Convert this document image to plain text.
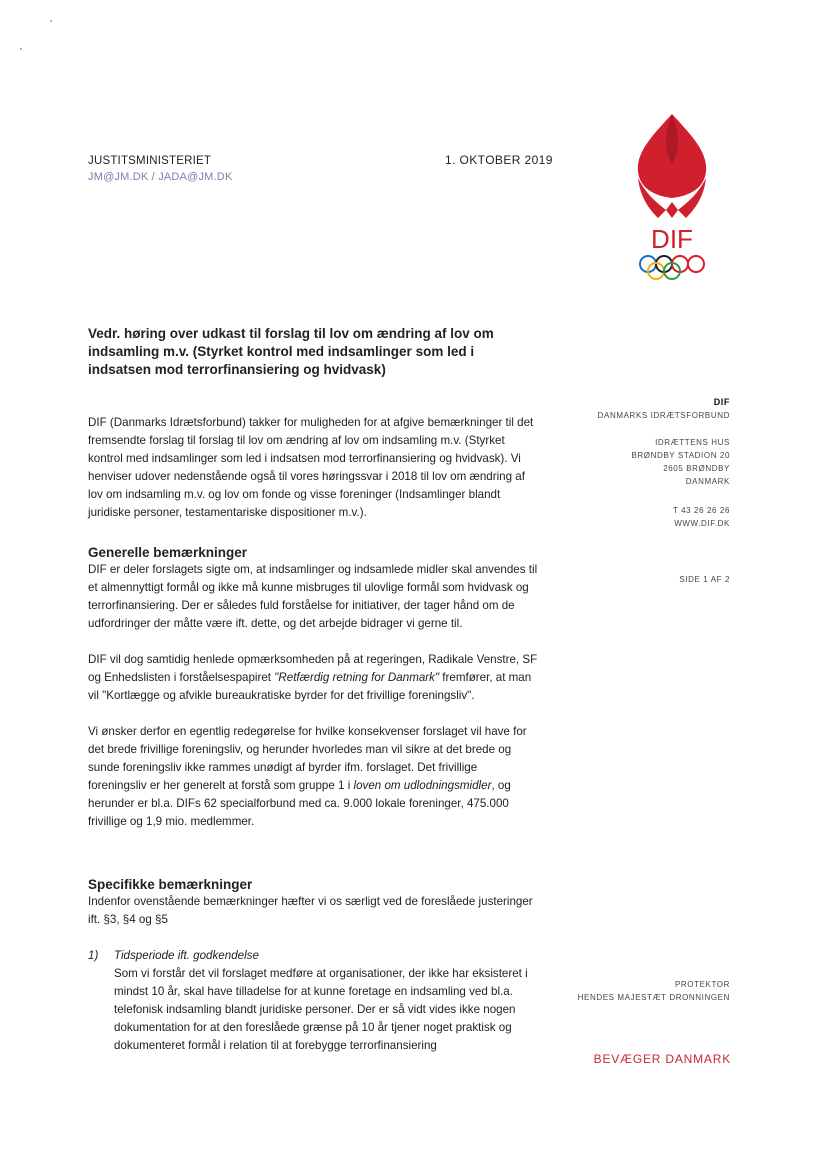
JUSTITSMINISTERIET
JM@JM.DK / JADA@JM.DK
1. OKTOBER 2019
DIF
Vedr. høring over udkast til forslag til lov om ændring af lov om indsamling m.v. (Styrket kontrol med indsamlinger som led i indsatsen mod terrorfinansiering og hvidvask)

DIF (Danmarks Idrætsforbund) takker for muligheden for at afgive bemærkninger til det fremsendte forslag til forslag til lov om ændring af lov om indsamling m.v. (Styrket kontrol med indsamlinger som led i indsatsen mod terrorfinansiering og hvidvask). Vi henviser udover nedenstående også til vores høringssvar i 2018 til lov om ændring af lov om indsamling m.v. og lov om fonde og visse foreninger (Indsamlinger blandt juridiske personer, testamentariske dispositioner m.v.).

Generelle bemærkninger

DIF er deler forslagets sigte om, at indsamlinger og indsamlede midler skal anvendes til et almennyttigt formål og ikke må kunne misbruges til ulovlige formål som hvidvask og terrorfinansiering. Der er således fuld forståelse for initiativer, der tager hånd om de udfordringer der måtte være ift. dette, og det arbejde bidrager vi gerne til.

DIF vil dog samtidig henlede opmærksomheden på at regeringen, Radikale Venstre, SF og Enhedslisten i forståelsespapiret "Retfærdig retning for Danmark" fremfører, at man vil "Kortlægge og afvikle bureaukratiske byrder for det frivillige foreningsliv".

Vi ønsker derfor en egentlig redegørelse for hvilke konsekvenser forslaget vil have for det brede frivillige foreningsliv, og herunder hvorledes man vil sikre at det brede og sunde foreningsliv ikke rammes unødigt af byrder ifm. forslaget. Det frivillige foreningsliv er her generelt at forstå som gruppe 1 i loven om udlodningsmidler, og herunder er bl.a. DIFs 62 specialforbund med ca. 9.000 lokale foreninger, 475.000 frivillige og 1,9 mio. medlemmer.

Specifikke bemærkninger

Indenfor ovenstående bemærkninger hæfter vi os særligt ved de foreslåede justeringer ift. §3, §4 og §5

1)	Tidsperiode ift. godkendelse
Som vi forstår det vil forslaget medføre at organisationer, der ikke har eksisteret i mindst 10 år, skal have tilladelse for at kunne foretage en indsamling ved bl.a. telefonisk indsamling blandt juridiske personer. Der er så vidt vides ikke nogen dokumentation for at den foreslåede grænse på 10 år tjener noget praktisk og dokumenteret formål i relation til at forebygge terrorfinansiering
DIF
DANMARKS IDRÆTSFORBUND
IDRÆTTENS HUS
BRØNDBY STADION 20
2605 BRØNDBY
DANMARK
T 43 26 26 26
WWW.DIF.DK
SIDE 1 AF 2
PROTEKTOR
HENDES MAJESTÆT DRONNINGEN
BEVÆGER DANMARK
